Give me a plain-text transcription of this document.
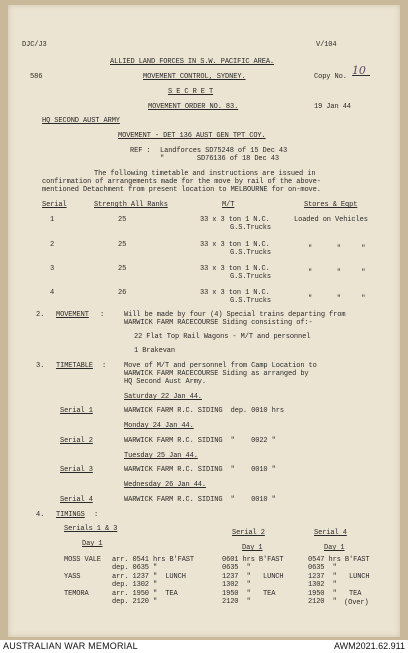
DJC/J3	V/104
ALLIED LAND FORCES IN S.W. PACIFIC AREA.
586	MOVEMENT CONTROL, SYDNEY.	Copy No. 10
S E C R E T
MOVEMENT ORDER NO. 83.	19 Jan 44
HQ SECOND AUST ARMY
MOVEMENT - DET 136 AUST GEN TPT COY.
REF : Landforces SD75248 of 15 Dec 43
"        SD76136 of 18 Dec 43
The following timetable and instructions are issued in
confirmation of arrangements made for the move by rail of the above-
mentioned Detachment from present location to MELBOURNE for on-move.
Serial	Strength All Ranks	M/T	Stores & Eqpt
1	25	33 x 3 ton 1 N.C.
G.S.Trucks
Loaded on Vehicles
2	25	33 x 3 ton 1 N.C.
G.S.Trucks	"      "     "
3	25	33 x 3 ton 1 N.C.
G.S.Trucks	"      "     "
4	26	33 x 3 ton 1 N.C.
G.S.Trucks	"      "     "
2. MOVEMENT :	Will be made by four (4) Special trains departing from
WARWICK FARM RACECOURSE Siding consisting of:-
22 Flat Top Rail Wagons - M/T and personnel
1 Brakevan
3. TIMETABLE :	Move of M/T and personnel from Camp Location to
WARWICK FARM RACECOURSE Siding as arranged by
HQ Second Aust Army.
Saturday 22 Jan 44.
Serial 1	WARWICK FARM R.C. SIDING  dep. 0010 hrs
Monday 24 Jan 44.
Serial 2	WARWICK FARM R.C. SIDING  "    0022 "
Tuesday 25 Jan 44.
Serial 3	WARWICK FARM R.C. SIDING  "    0010 "
Wednesday 26 Jan 44.
Serial 4	WARWICK FARM R.C. SIDING  "    0010 "
4. TIMINGS :
Serials 1 & 3	Serial 2	Serial 4
Day 1	Day 1	Day 1
MOSS VALE arr. 0541 hrs B'FAST	0601 hrs B'FAST	0547 hrs B'FAST
dep. 0635 "	0635  "	0635  "
YASS	arr. 1237 "  LUNCH	1237  "   LUNCH	1237  "   LUNCH
dep. 1302 "	1302  "	1302  "
TEMORA	arr. 1950 "  TEA	1950  "   TEA	1950  "   TEA
dep. 2120 "	2120  "	2120  " (Over)
AUSTRALIAN WAR MEMORIAL	AWM2021.62.911
